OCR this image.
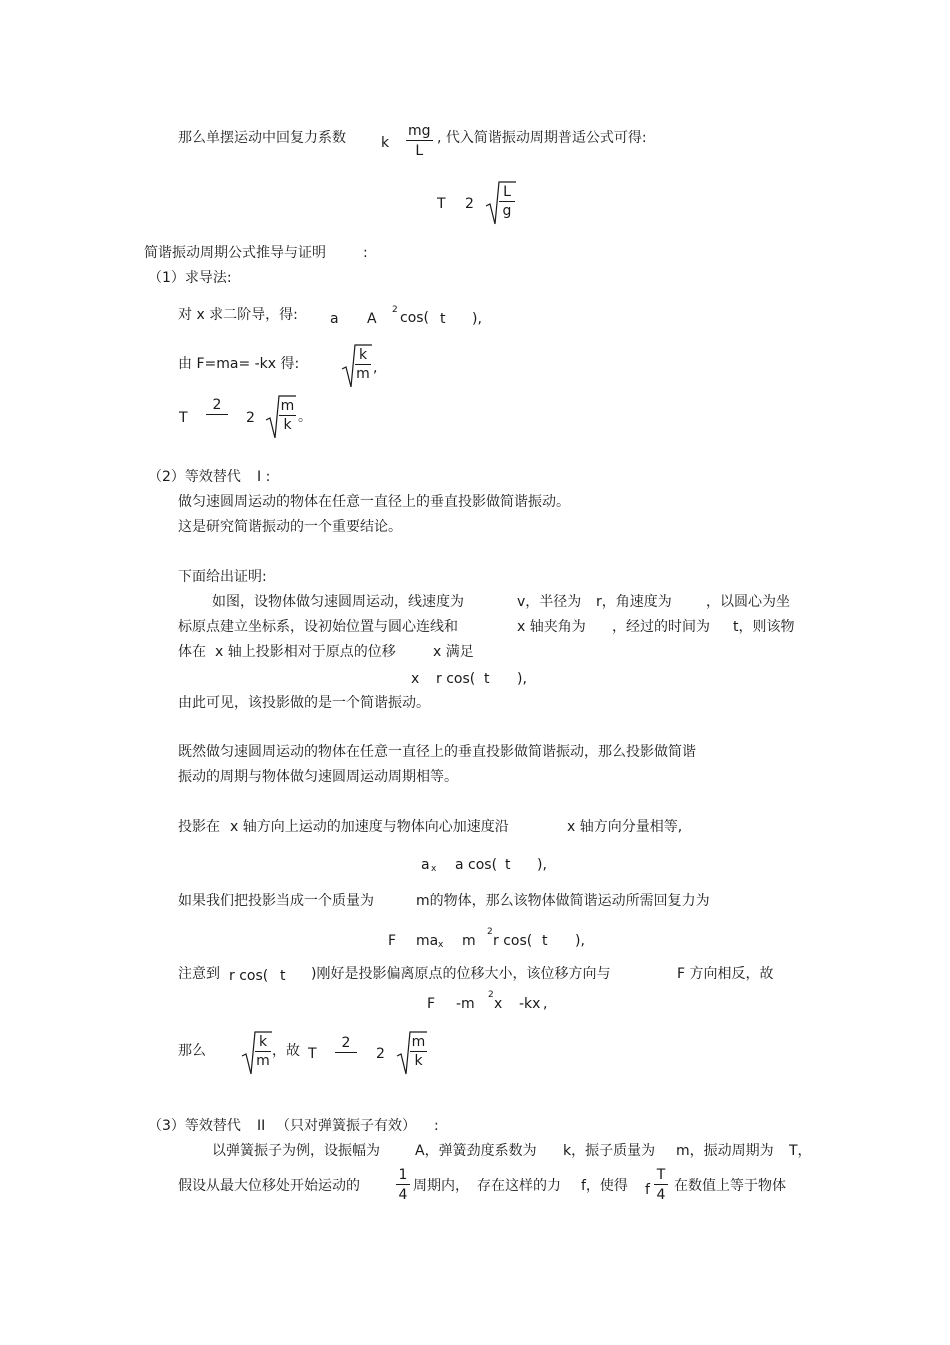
那么单摆运动中回复力系数	k $\frac{mg}{L}$ , 代入简谐振动周期普适公式可得:
T $2 \frac{L}{g}$
简谐振动周期公式推导与证明	:
（1）求导法:
对 x 求二阶导，得: a A
2 cos( t ),
由 F=ma= -kx 得:	$\frac{k}{m}$ ,
T
2
$2 \frac{m}{k}$ 。
（2）等效替代 I :
做匀速圆周运动的物体在任意一直径上的垂直投影做简谐振动。
这是研究简谐振动的一个重要结论。
下面给出证明:
如图，设物体做匀速圆周运动，线速度为	v，半径为 r，角速度为 ，以圆心为坐
标原点建立坐标系，设初始位置与圆心连线和	x 轴夹角为 ，经过的时间为 t，则该物
体在 x 轴上投影相对于原点的位移	x 满足
x r cos( t ),
由此可见，该投影做的是一个简谐振动。
既然做匀速圆周运动的物体在任意一直径上的垂直投影做简谐振动，那么投影做简谐
振动的周期与物体做匀速圆周运动周期相等。
投影在 x 轴方向上运动的加速度与物体向心加速度沿	x 轴方向分量相等,
a x a cos( t ),
如果我们把投影当成一个质量为	m的物体，那么该物体做简谐运动所需回复力为
F ma x m
2
r cos( t ),
注意到 r cos( t )刚好是投影偏离原点的位移大小，该位移方向与	F 方向相反，故
F -m
2
x -kx ,
那么	$\frac{k}{m}$ ，故 T
2
$2 \frac{m}{k}$
（3）等效替代 II （只对弹簧振子有效） :
以弹簧振子为例，设振幅为	A，弹簧劲度系数为 k，振子质量为 m，振动周期为 T，
假设从最大位移处开始运动的	$\frac{1}{4}$ 周期内， 存在这样的力 f，使得 f $\frac{T}{4}$ 在数值上等于物体
